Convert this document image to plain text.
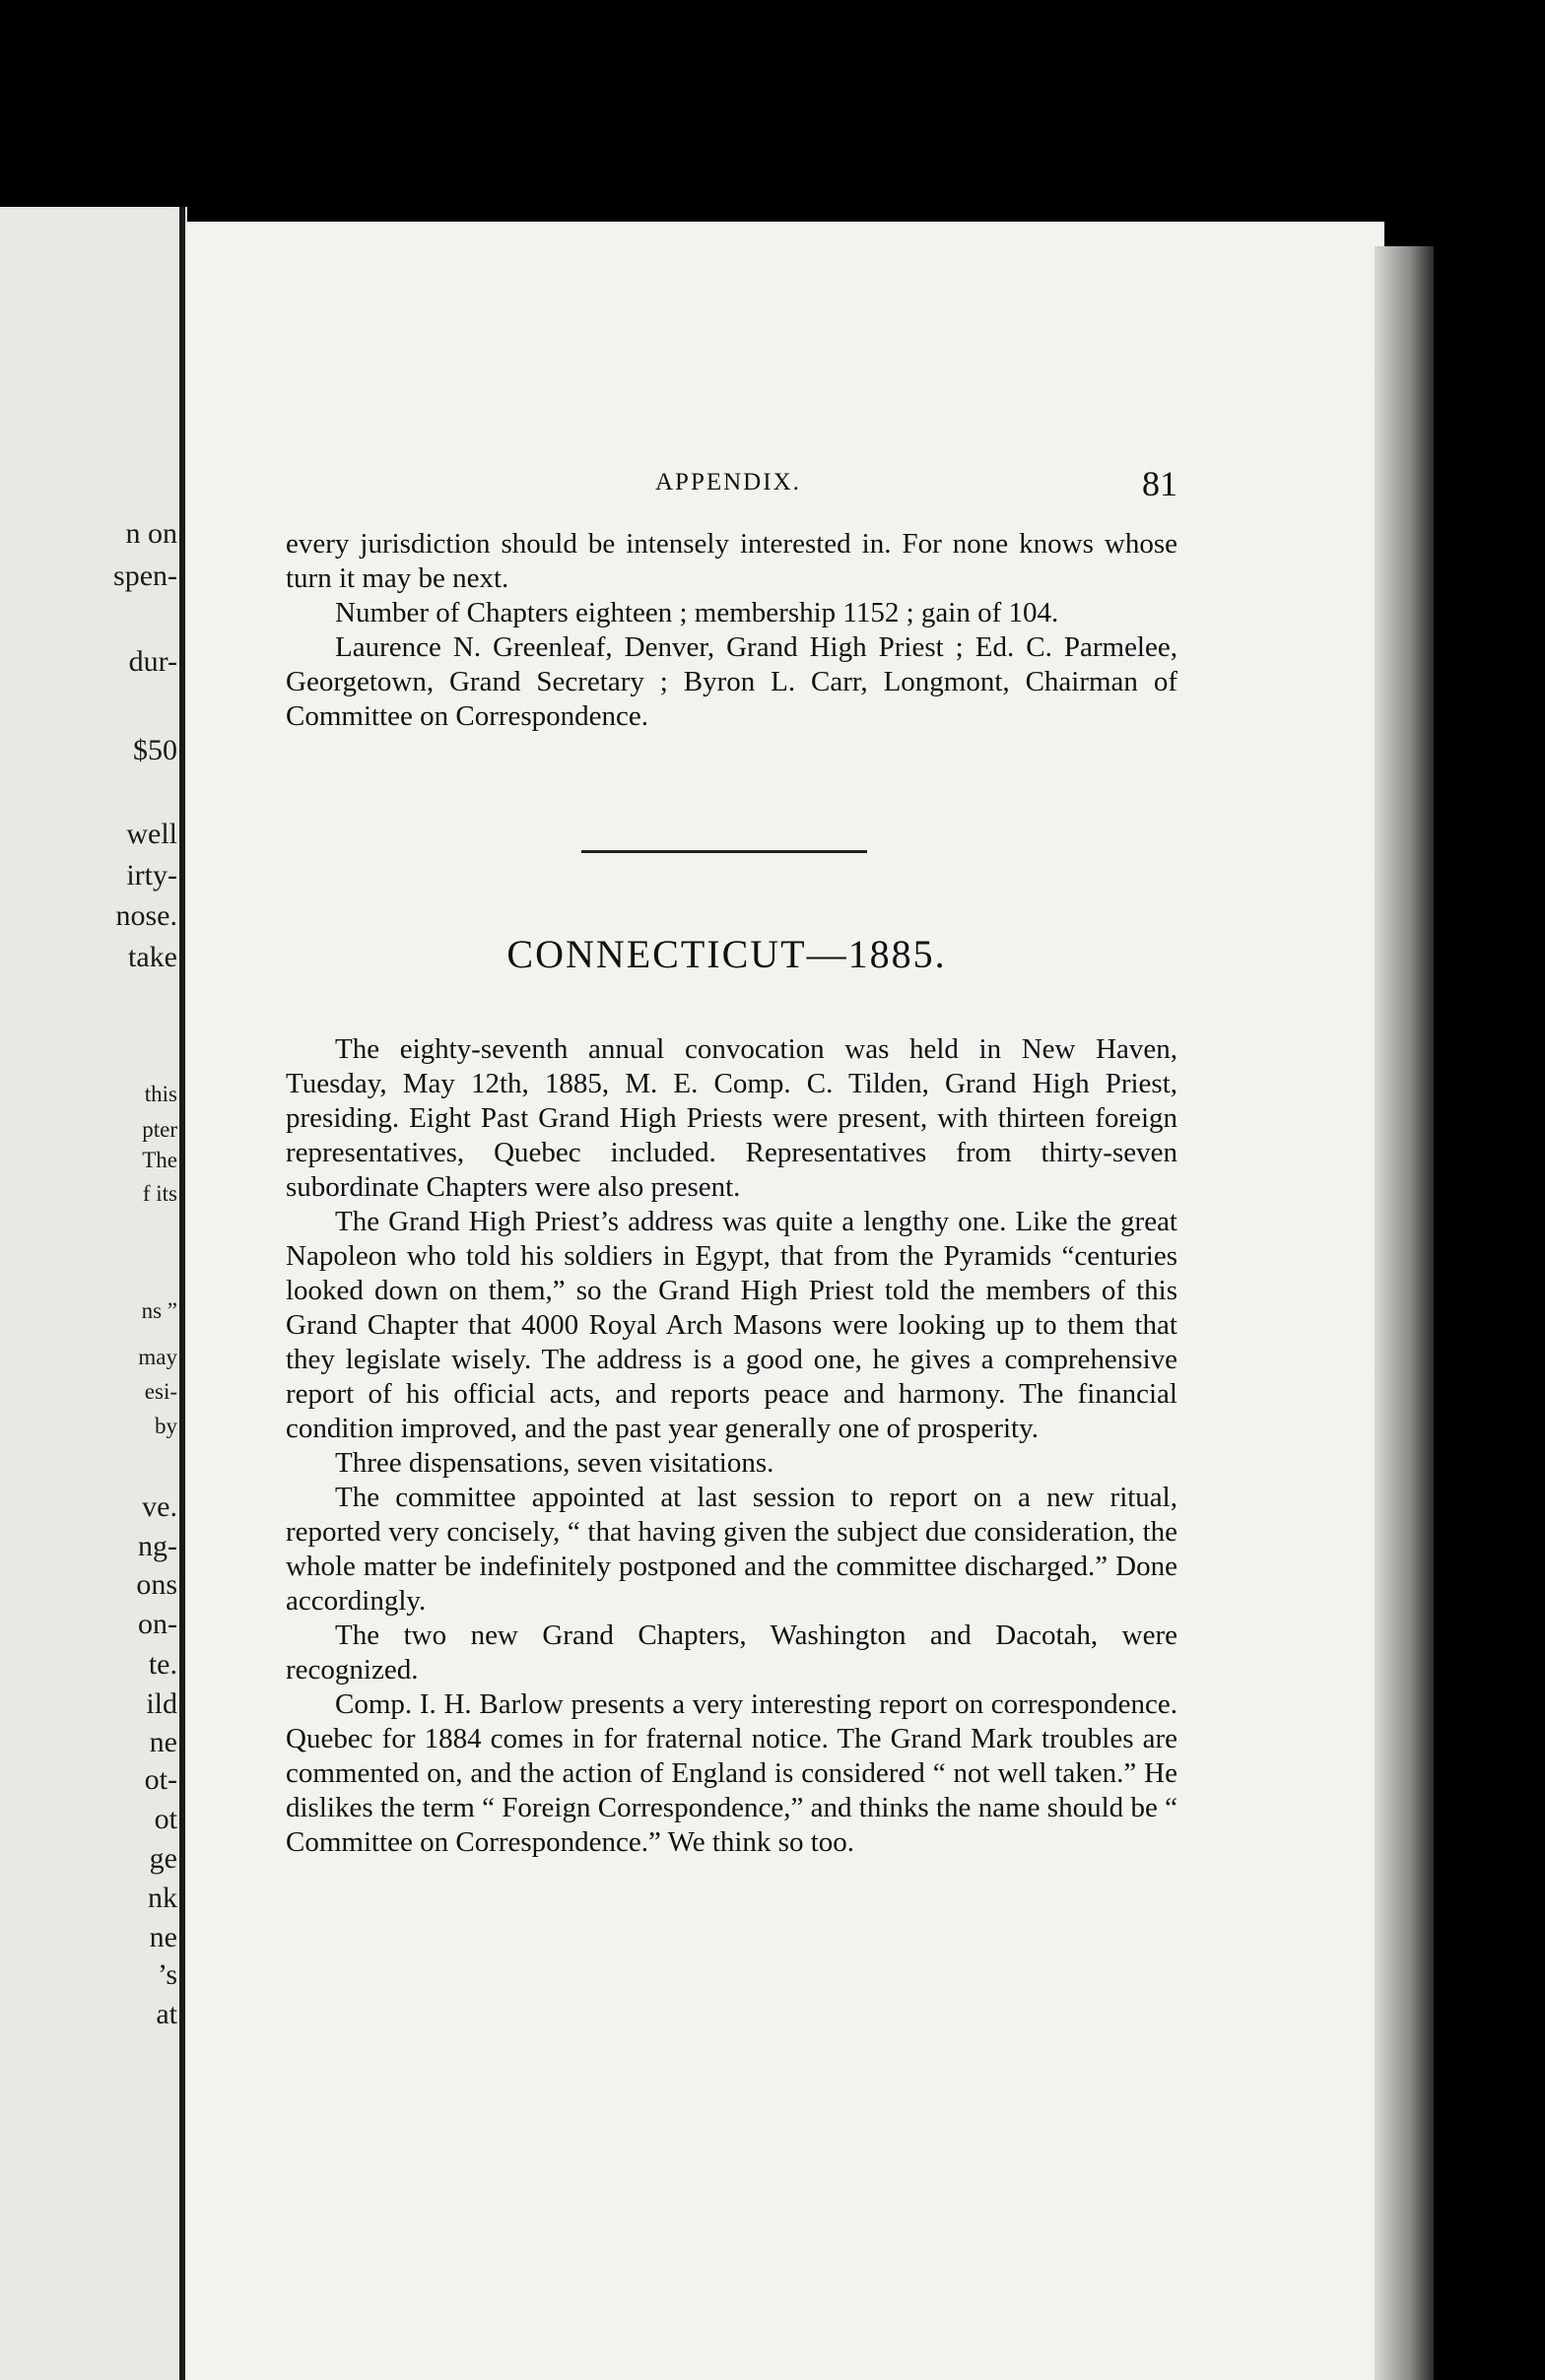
n on
spen-
dur-
$50
well
irty-
nose.
take
this
pter
The
f its
ns ”
may
esi-
by
ve.
ng-
ons
on-
te.
ild
ne
ot-
ot
ge
nk
ne
’s
at
APPENDIX.	81

every jurisdiction should be intensely interested in. For none knows whose turn it may be next.

Number of Chapters eighteen ; membership 1152 ; gain of 104.

Laurence N. Greenleaf, Denver, Grand High Priest ; Ed. C. Parmelee, Georgetown, Grand Secretary ; Byron L. Carr, Longmont, Chairman of Committee on Correspondence.

CONNECTICUT—1885.

The eighty-seventh annual convocation was held in New Haven, Tuesday, May 12th, 1885, M. E. Comp. C. Tilden, Grand High Priest, presiding. Eight Past Grand High Priests were present, with thirteen foreign representatives, Quebec included. Representatives from thirty-seven subordinate Chapters were also present.

The Grand High Priest’s address was quite a lengthy one. Like the great Napoleon who told his soldiers in Egypt, that from the Pyramids “centuries looked down on them,” so the Grand High Priest told the members of this Grand Chapter that 4000 Royal Arch Masons were looking up to them that they legislate wisely. The address is a good one, he gives a comprehensive report of his official acts, and reports peace and harmony. The financial condition improved, and the past year generally one of prosperity.

Three dispensations, seven visitations.

The committee appointed at last session to report on a new ritual, reported very concisely, “ that having given the subject due consideration, the whole matter be indefinitely postponed and the committee discharged.” Done accordingly.

The two new Grand Chapters, Washington and Dacotah, were recognized.

Comp. I. H. Barlow presents a very interesting report on correspondence. Quebec for 1884 comes in for fraternal notice. The Grand Mark troubles are commented on, and the action of England is considered “ not well taken.” He dislikes the term “ Foreign Correspondence,” and thinks the name should be “ Committee on Correspondence.” We think so too.
